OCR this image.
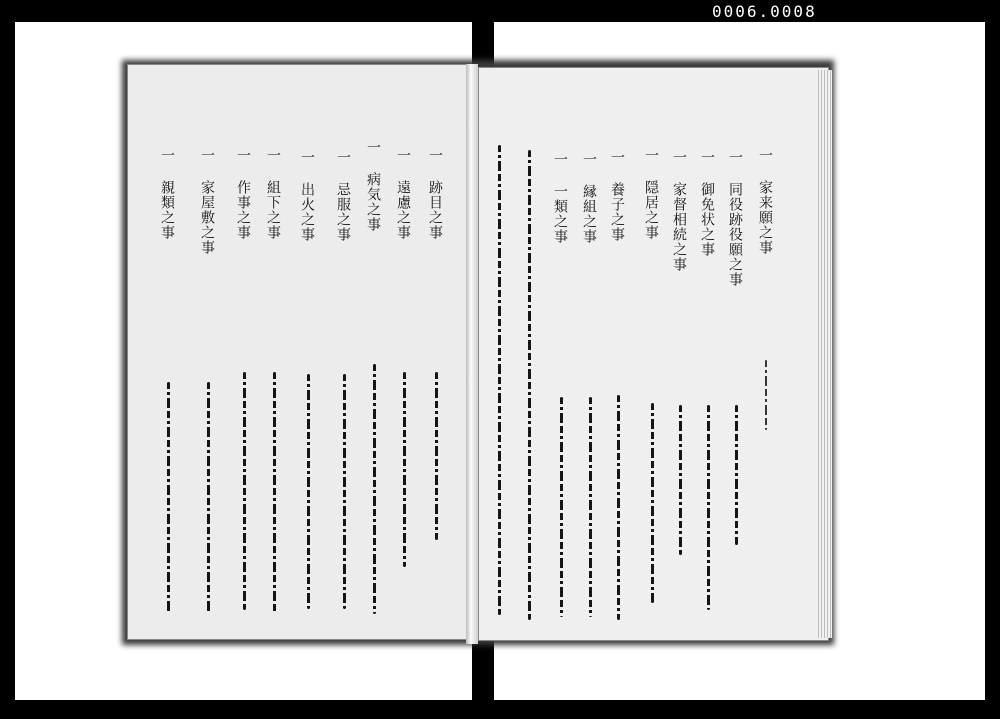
0006.0008
一 家来願之事
一 同役跡役願之事
一 御免状之事
一 家督相続之事
一 隠居之事
一 養子之事
一 縁組之事
一 一類之事
一 跡目之事
一 遠慮之事
一 病気之事
一 忌服之事
一 出火之事
一 組下之事
一 作事之事
一 家屋敷之事
一 親類之事
